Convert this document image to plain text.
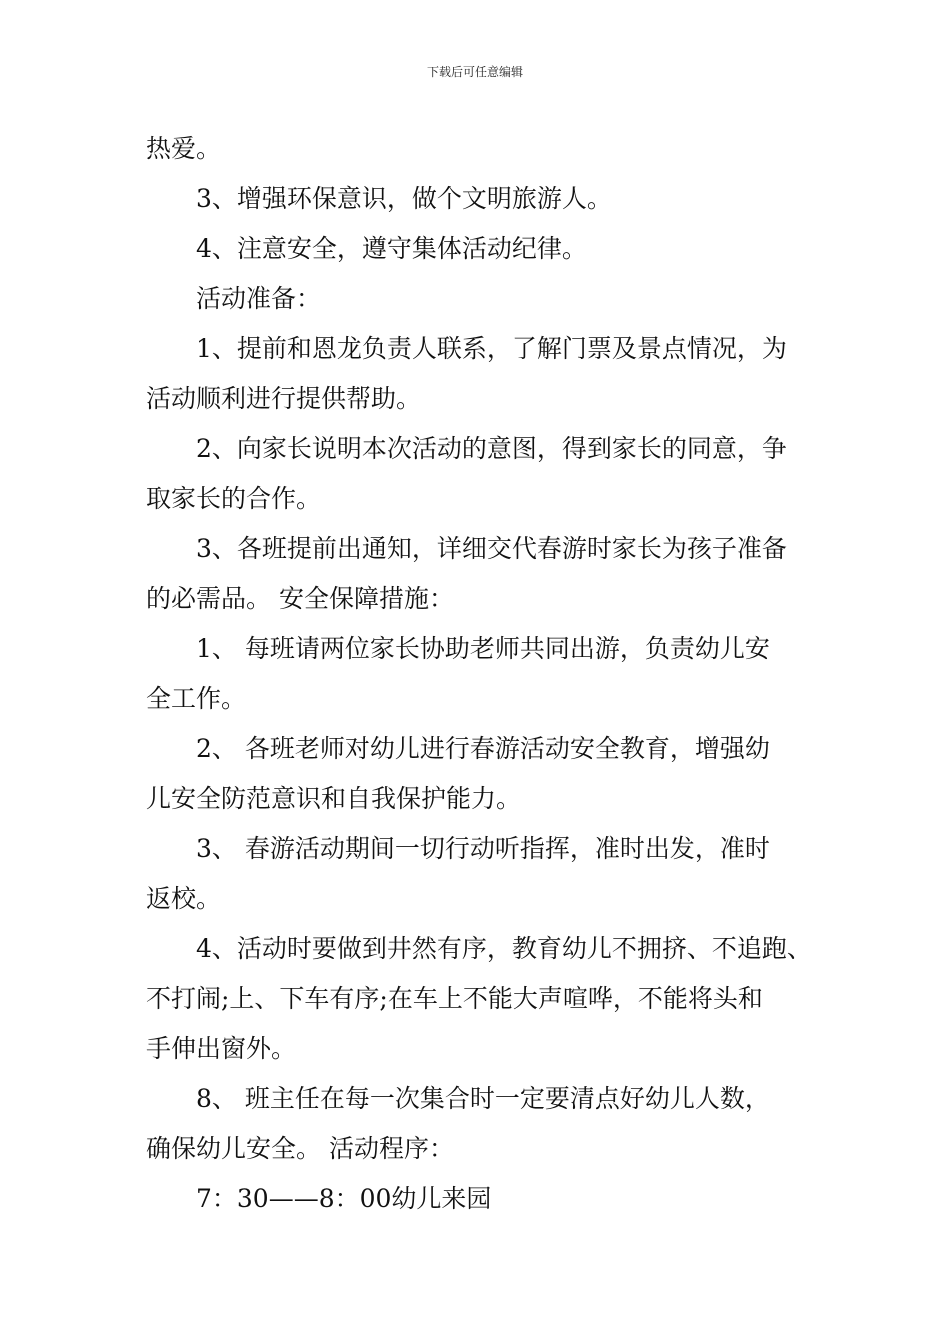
下载后可任意编辑
热爱。
3、增强环保意识，做个文明旅游人。
4、注意安全，遵守集体活动纪律。
活动准备：
1、提前和恩龙负责人联系，了解门票及景点情况，为
活动顺利进行提供帮助。
2、向家长说明本次活动的意图，得到家长的同意，争
取家长的合作。
3、各班提前出通知，详细交代春游时家长为孩子准备
的必需品。 安全保障措施：
1、 每班请两位家长协助老师共同出游，负责幼儿安
全工作。
2、 各班老师对幼儿进行春游活动安全教育，增强幼
儿安全防范意识和自我保护能力。
3、 春游活动期间一切行动听指挥，准时出发，准时
返校。
4、活动时要做到井然有序，教育幼儿不拥挤、不追跑、
不打闹;上、下车有序;在车上不能大声喧哗，不能将头和
手伸出窗外。
8、 班主任在每一次集合时一定要清点好幼儿人数，
确保幼儿安全。 活动程序：
7：30——8：00幼儿来园
